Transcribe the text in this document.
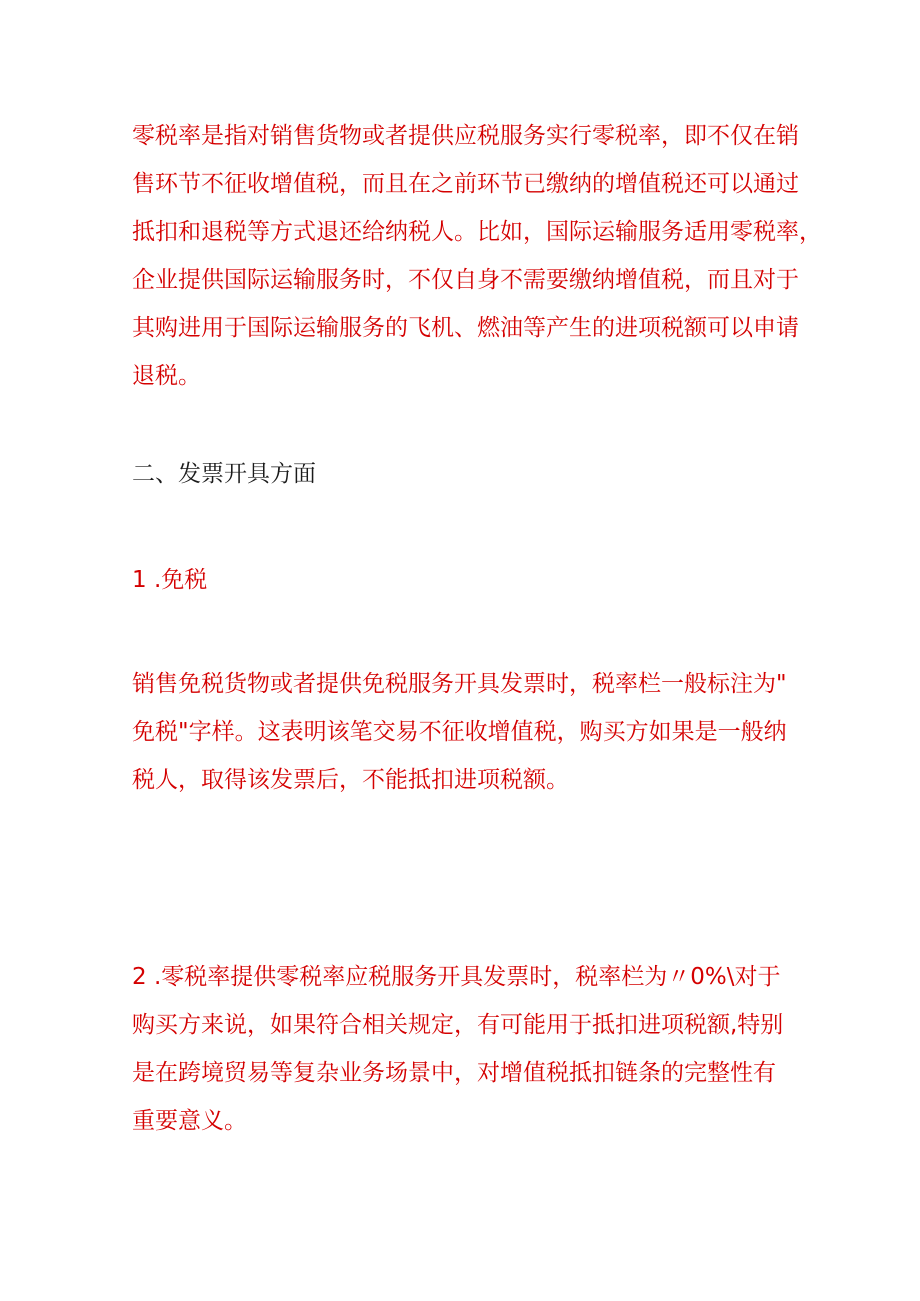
零税率是指对销售货物或者提供应税服务实行零税率，即不仅在销
售环节不征收增值税，而且在之前环节已缴纳的增值税还可以通过
抵扣和退税等方式退还给纳税人。比如，国际运输服务适用零税率，
企业提供国际运输服务时，不仅自身不需要缴纳增值税，而且对于
其购进用于国际运输服务的飞机、燃油等产生的进项税额可以申请
退税。
二、发票开具方面
1 .免税
销售免税货物或者提供免税服务开具发票时，税率栏一般标注为"
免税"字样。这表明该笔交易不征收增值税，购买方如果是一般纳
税人，取得该发票后，不能抵扣进项税额。
2 .零税率提供零税率应税服务开具发票时，税率栏为〃0%\对于
购买方来说，如果符合相关规定，有可能用于抵扣进项税额,特别
是在跨境贸易等复杂业务场景中，对增值税抵扣链条的完整性有
重要意义。
